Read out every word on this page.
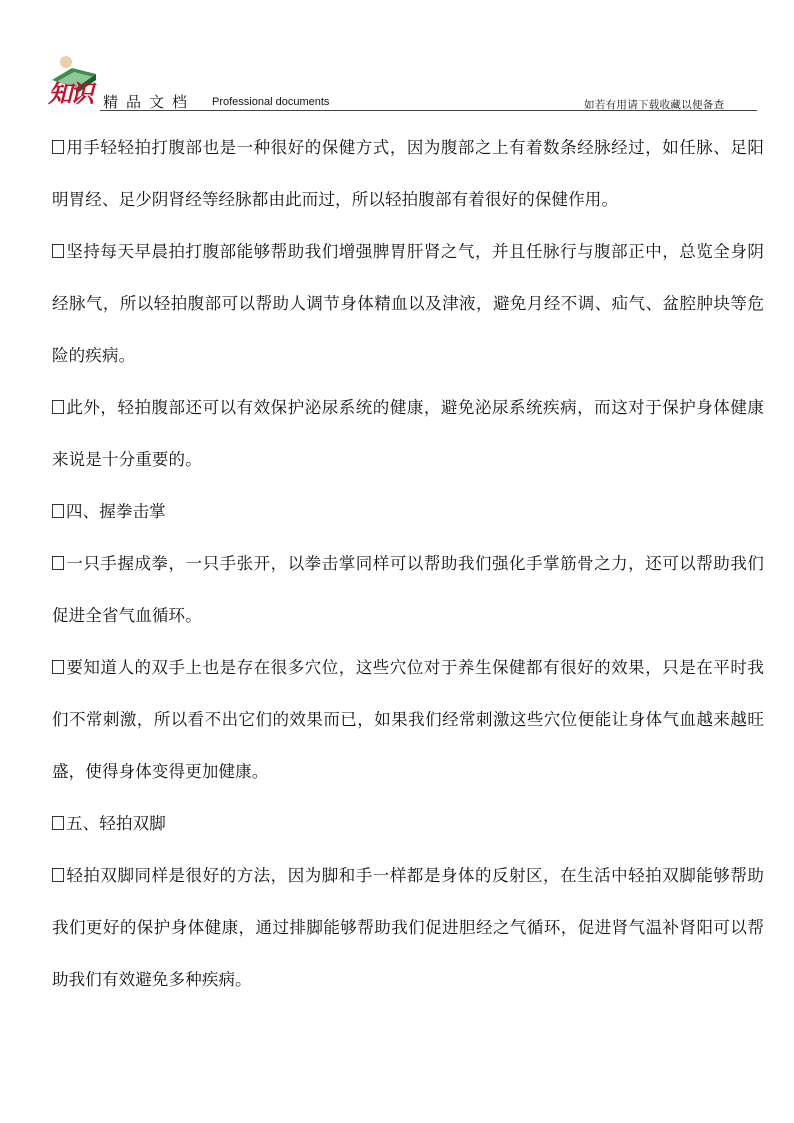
知识 精品文档 Professional documents	如若有用请下载收藏以便备查

用手轻轻拍打腹部也是一种很好的保健方式，因为腹部之上有着数条经脉经过，如任脉、足阳明胃经、足少阴肾经等经脉都由此而过，所以轻拍腹部有着很好的保健作用。

坚持每天早晨拍打腹部能够帮助我们增强脾胃肝肾之气，并且任脉行与腹部正中，总览全身阴经脉气，所以轻拍腹部可以帮助人调节身体精血以及津液，避免月经不调、疝气、盆腔肿块等危险的疾病。

此外，轻拍腹部还可以有效保护泌尿系统的健康，避免泌尿系统疾病，而这对于保护身体健康来说是十分重要的。

四、握拳击掌

一只手握成拳，一只手张开，以拳击掌同样可以帮助我们强化手掌筋骨之力，还可以帮助我们促进全省气血循环。

要知道人的双手上也是存在很多穴位，这些穴位对于养生保健都有很好的效果，只是在平时我们不常刺激，所以看不出它们的效果而已，如果我们经常刺激这些穴位便能让身体气血越来越旺盛，使得身体变得更加健康。

五、轻拍双脚

轻拍双脚同样是很好的方法，因为脚和手一样都是身体的反射区，在生活中轻拍双脚能够帮助我们更好的保护身体健康，通过排脚能够帮助我们促进胆经之气循环，促进肾气温补肾阳可以帮助我们有效避免多种疾病。
